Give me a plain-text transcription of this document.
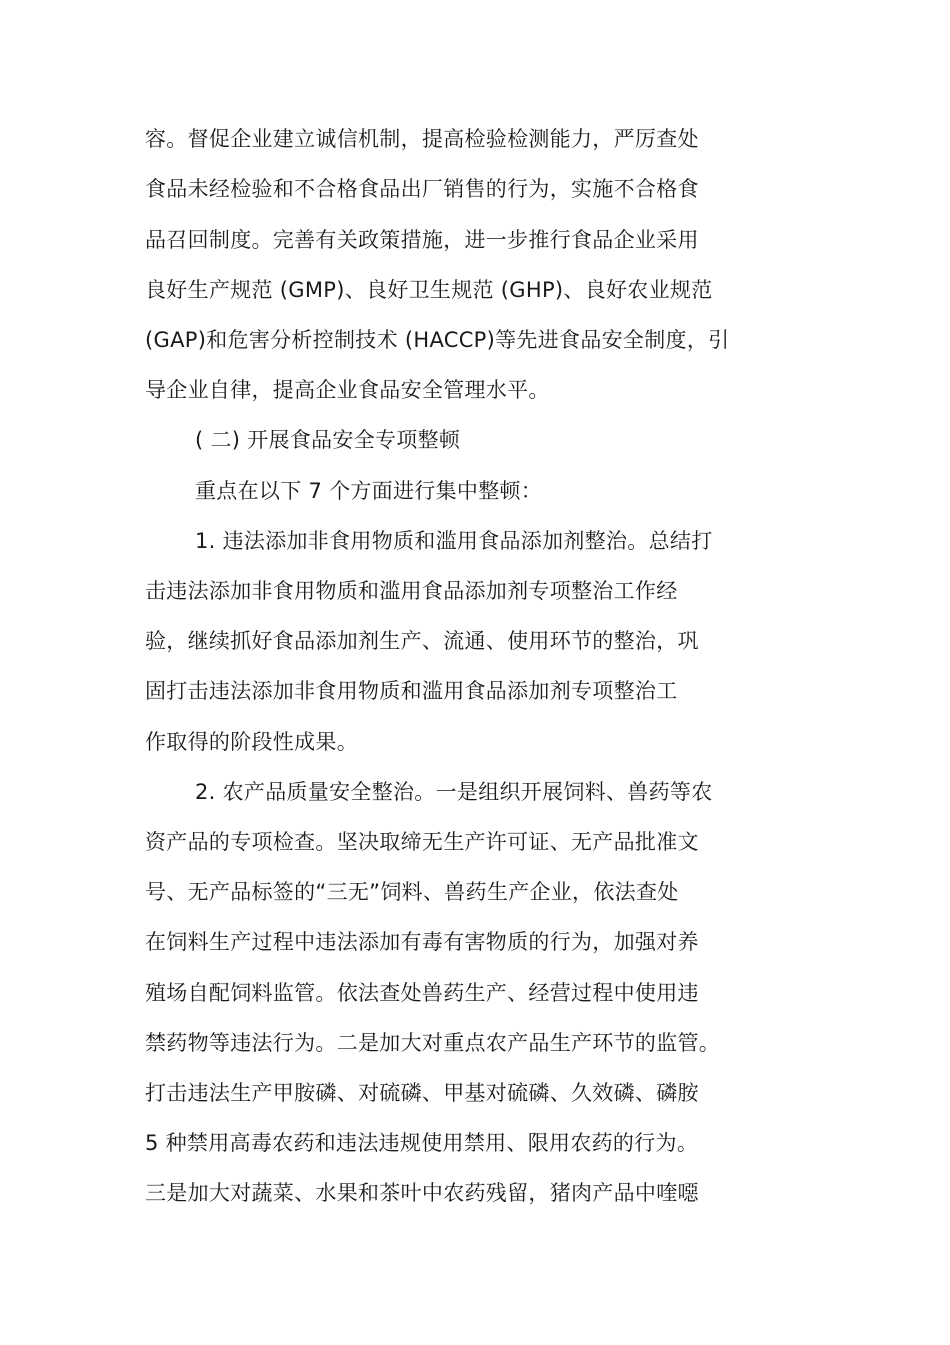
容。督促企业建立诚信机制，提高检验检测能力，严厉查处
食品未经检验和不合格食品出厂销售的行为，实施不合格食
品召回制度。完善有关政策措施，进一步推行食品企业采用
良好生产规范 (GMP)、良好卫生规范 (GHP)、良好农业规范
(GAP)和危害分析控制技术 (HACCP)等先进食品安全制度，引
导企业自律，提高企业食品安全管理水平。
( 二) 开展食品安全专项整顿
重点在以下 7 个方面进行集中整顿：
1. 违法添加非食用物质和滥用食品添加剂整治。总结打
击违法添加非食用物质和滥用食品添加剂专项整治工作经
验，继续抓好食品添加剂生产、流通、使用环节的整治，巩
固打击违法添加非食用物质和滥用食品添加剂专项整治工
作取得的阶段性成果。
2. 农产品质量安全整治。一是组织开展饲料、兽药等农
资产品的专项检查。坚决取缔无生产许可证、无产品批准文
号、无产品标签的“三无”饲料、兽药生产企业，依法查处
在饲料生产过程中违法添加有毒有害物质的行为，加强对养
殖场自配饲料监管。依法查处兽药生产、经营过程中使用违
禁药物等违法行为。二是加大对重点农产品生产环节的监管。
打击违法生产甲胺磷、对硫磷、甲基对硫磷、久效磷、磷胺
5 种禁用高毒农药和违法违规使用禁用、限用农药的行为。
三是加大对蔬菜、水果和茶叶中农药残留，猪肉产品中喹噁
